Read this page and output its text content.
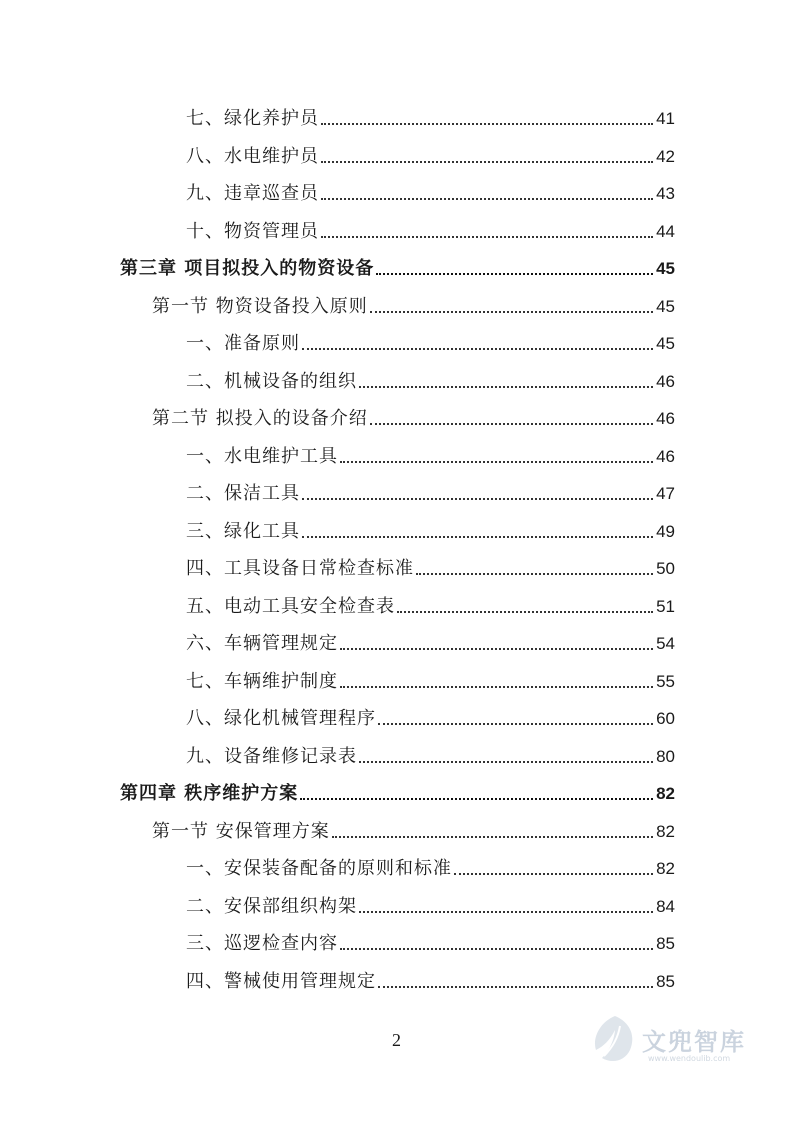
七、绿化养护员	41
八、水电维护员	42
九、违章巡查员	43
十、物资管理员	44
第三章 项目拟投入的物资设备	45
第一节 物资设备投入原则	45
一、准备原则	45
二、机械设备的组织	46
第二节 拟投入的设备介绍	46
一、水电维护工具	46
二、保洁工具	47
三、绿化工具	49
四、工具设备日常检查标准	50
五、电动工具安全检查表	51
六、车辆管理规定	54
七、车辆维护制度	55
八、绿化机械管理程序	60
九、设备维修记录表	80
第四章 秩序维护方案	82
第一节 安保管理方案	82
一、安保装备配备的原则和标准	82
二、安保部组织构架	84
三、巡逻检查内容	85
四、警械使用管理规定	85
2	文兜智库
www.wendoulib.com
